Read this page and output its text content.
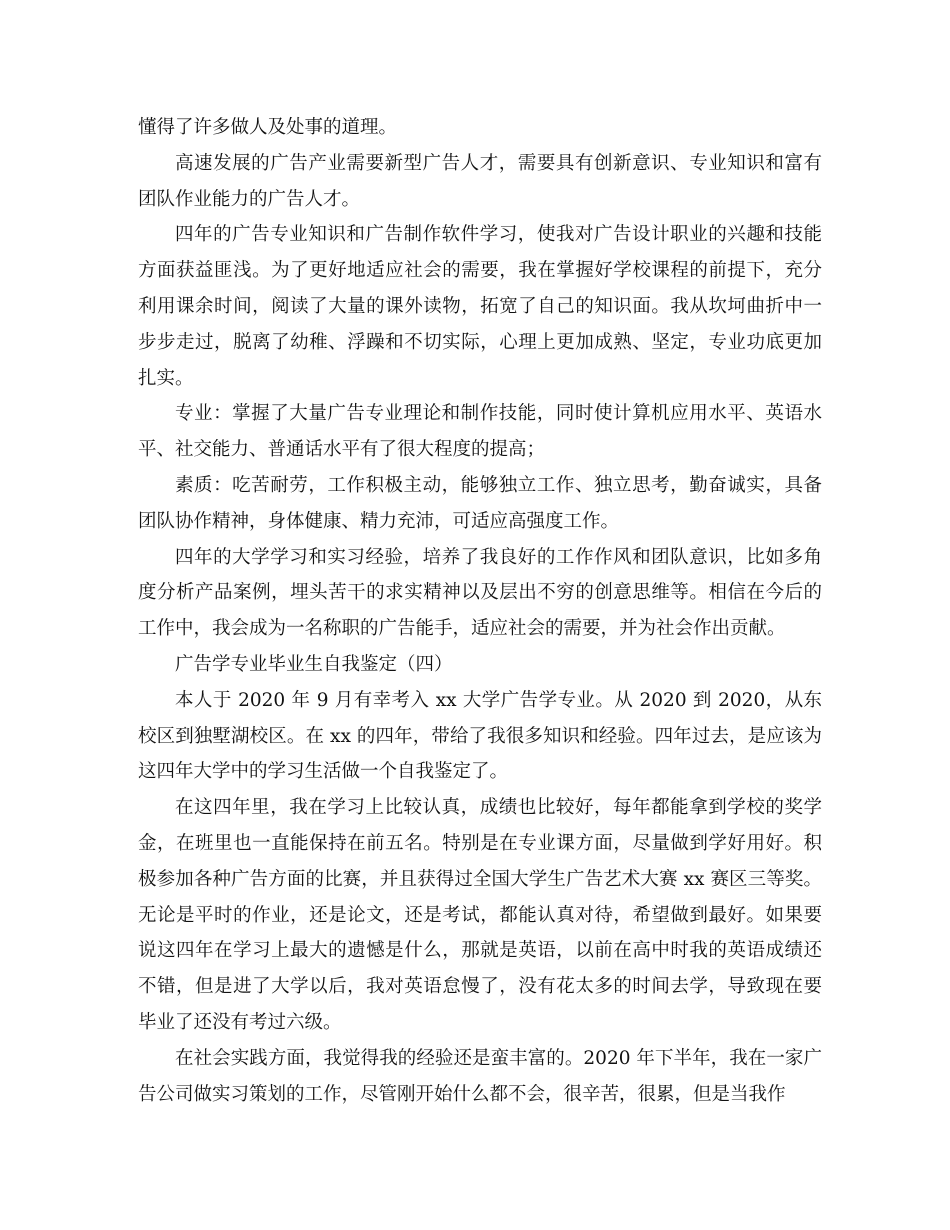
懂得了许多做人及处事的道理。

高速发展的广告产业需要新型广告人才，需要具有创新意识、专业知识和富有团队作业能力的广告人才。

四年的广告专业知识和广告制作软件学习，使我对广告设计职业的兴趣和技能方面获益匪浅。为了更好地适应社会的需要，我在掌握好学校课程的前提下，充分利用课余时间，阅读了大量的课外读物，拓宽了自己的知识面。我从坎坷曲折中一步步走过，脱离了幼稚、浮躁和不切实际，心理上更加成熟、坚定，专业功底更加扎实。

专业：掌握了大量广告专业理论和制作技能，同时使计算机应用水平、英语水平、社交能力、普通话水平有了很大程度的提高；

素质：吃苦耐劳，工作积极主动，能够独立工作、独立思考，勤奋诚实，具备团队协作精神，身体健康、精力充沛，可适应高强度工作。

四年的大学学习和实习经验，培养了我良好的工作作风和团队意识，比如多角度分析产品案例，埋头苦干的求实精神以及层出不穷的创意思维等。相信在今后的工作中，我会成为一名称职的广告能手，适应社会的需要，并为社会作出贡献。

广告学专业毕业生自我鉴定（四）

本人于 2020 年 9 月有幸考入 xx 大学广告学专业。从 2020 到 2020，从东校区到独墅湖校区。在 xx 的四年，带给了我很多知识和经验。四年过去，是应该为这四年大学中的学习生活做一个自我鉴定了。

在这四年里，我在学习上比较认真，成绩也比较好，每年都能拿到学校的奖学金，在班里也一直能保持在前五名。特别是在专业课方面，尽量做到学好用好。积极参加各种广告方面的比赛，并且获得过全国大学生广告艺术大赛 xx 赛区三等奖。无论是平时的作业，还是论文，还是考试，都能认真对待，希望做到最好。如果要说这四年在学习上最大的遗憾是什么，那就是英语，以前在高中时我的英语成绩还不错，但是进了大学以后，我对英语怠慢了，没有花太多的时间去学，导致现在要毕业了还没有考过六级。

在社会实践方面，我觉得我的经验还是蛮丰富的。2020 年下半年，我在一家广告公司做实习策划的工作，尽管刚开始什么都不会，很辛苦，很累，但是当我作
